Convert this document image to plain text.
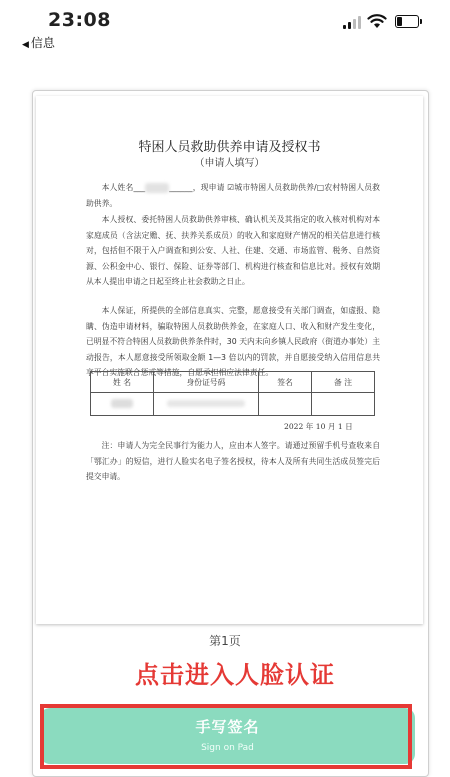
23:08
◀ 信息
特困人员救助供养申请及授权书
（申请人填写）
本人姓名___	______，现申请 ☑城市特困人员救助供养/□农村特困人员救助供养。
本人授权、委托特困人员救助供养审核、确认机关及其指定的收入核对机构对本家庭成员（含法定赡、抚、扶养关系成员）的收入和家庭财产情况的相关信息进行核对，包括但不限于入户调查和到公安、人社、住建、交通、市场监管、税务、自然资源、公积金中心、银行、保险、证券等部门、机构进行核查和信息比对。授权有效期从本人提出申请之日起至终止社会救助之日止。
本人保证，所提供的全部信息真实、完整，愿意接受有关部门调查，如虚报、隐瞒、伪造申请材料，骗取特困人员救助供养金，在家庭人口、收入和财产发生变化，已明显不符合特困人员救助供养条件时，30 天内未向乡镇人民政府（街道办事处）主动报告，本人愿意接受所领取金额 1—3 倍以内的罚款，并自愿接受纳入信用信息共享平台实施联合惩戒等措施，自愿承担相应法律责任。
姓 名	身份证号码	签名	备 注

2022 年 10 月 1 日
注：申请人为完全民事行为能力人，应由本人签字。请通过预留手机号查收来自「鄂汇办」的短信，进行人脸实名电子签名授权，待本人及所有共同生活成员签完后提交申请。
第1页
点击进入人脸认证
手写签名
Sign on Pad
